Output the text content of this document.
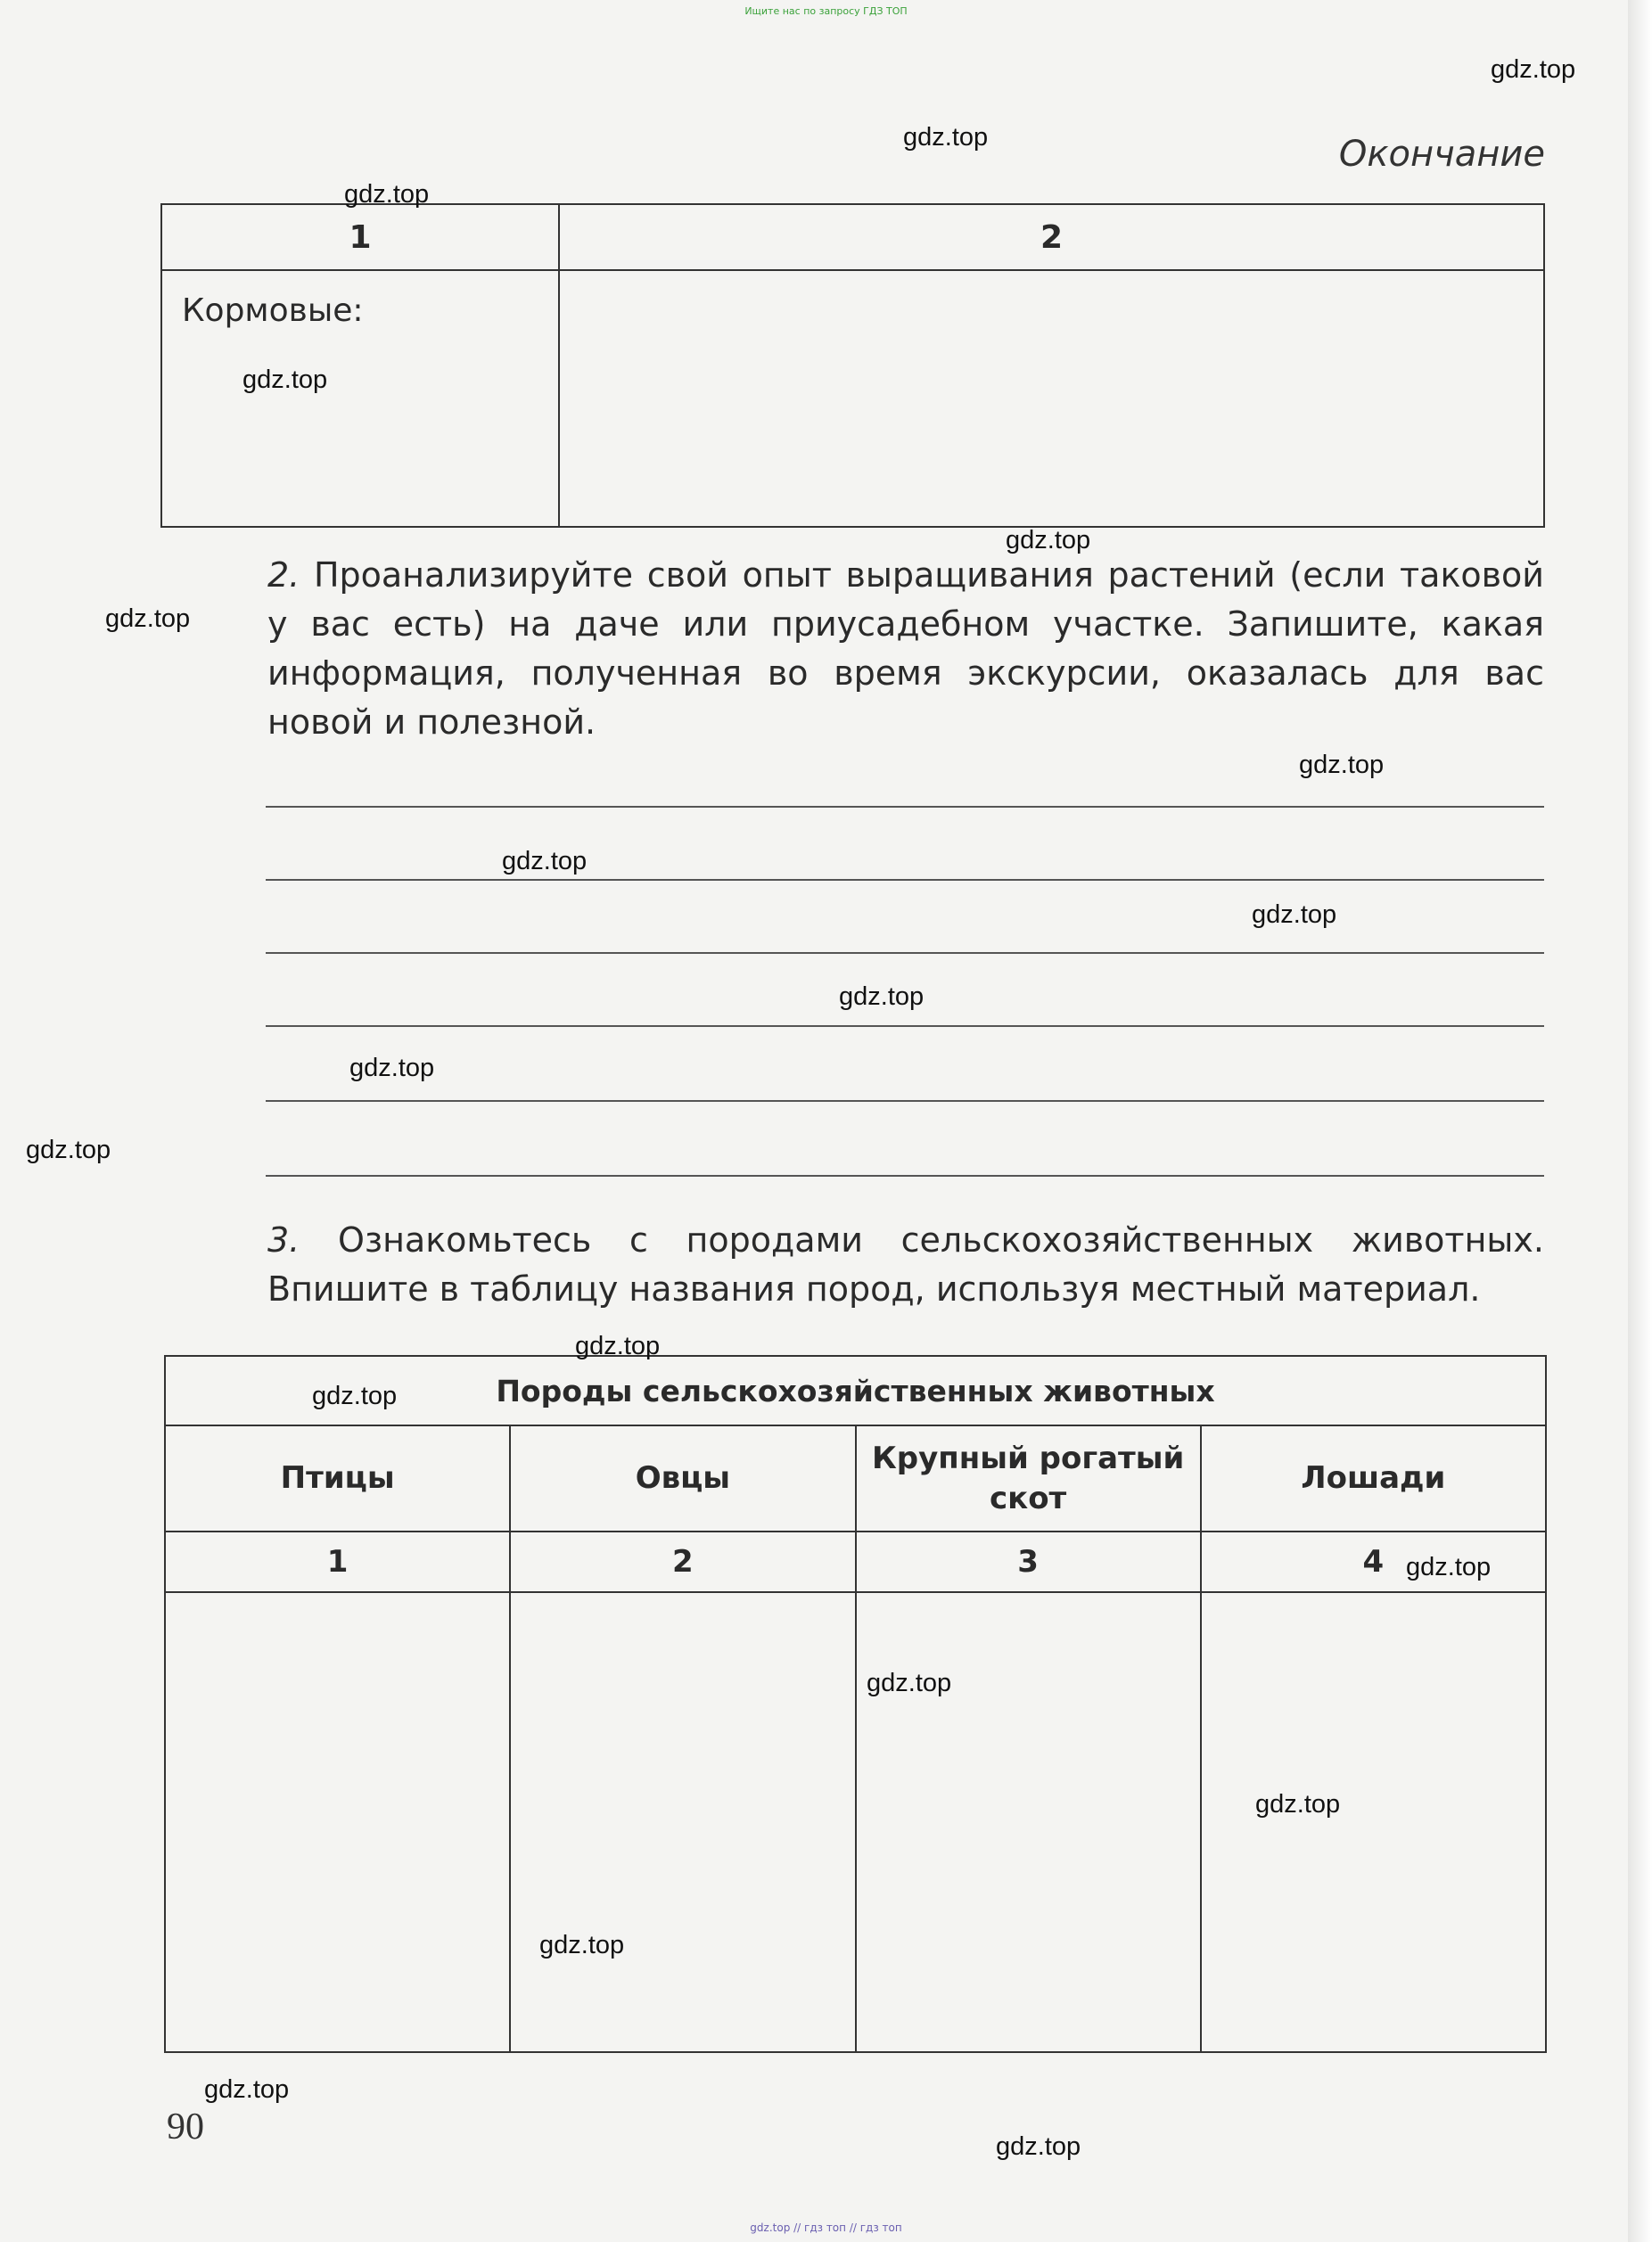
Ищите нас по запросу ГДЗ ТОП
Окончание
1	2
Кормовые:	
2. Проанализируйте свой опыт выращивания растений (если таковой у вас есть) на даче или приусадебном участке. Запишите, какая информация, полученная во время экскурсии, оказалась для вас новой и полезной.
3. Ознакомьтесь с породами сельскохозяйственных животных. Впишите в таблицу названия пород, используя местный материал.
Породы сельскохозяйственных животных			
Птицы	Овцы	Крупный рогатый скот	Лошади
1	2	3	4

90
gdz.top
gdz.top
gdz.top
gdz.top
gdz.top
gdz.top
gdz.top
gdz.top
gdz.top
gdz.top
gdz.top
gdz.top
gdz.top
gdz.top
gdz.top
gdz.top
gdz.top
gdz.top
gdz.top
gdz.top
gdz.top // гдз топ // гдз топ
